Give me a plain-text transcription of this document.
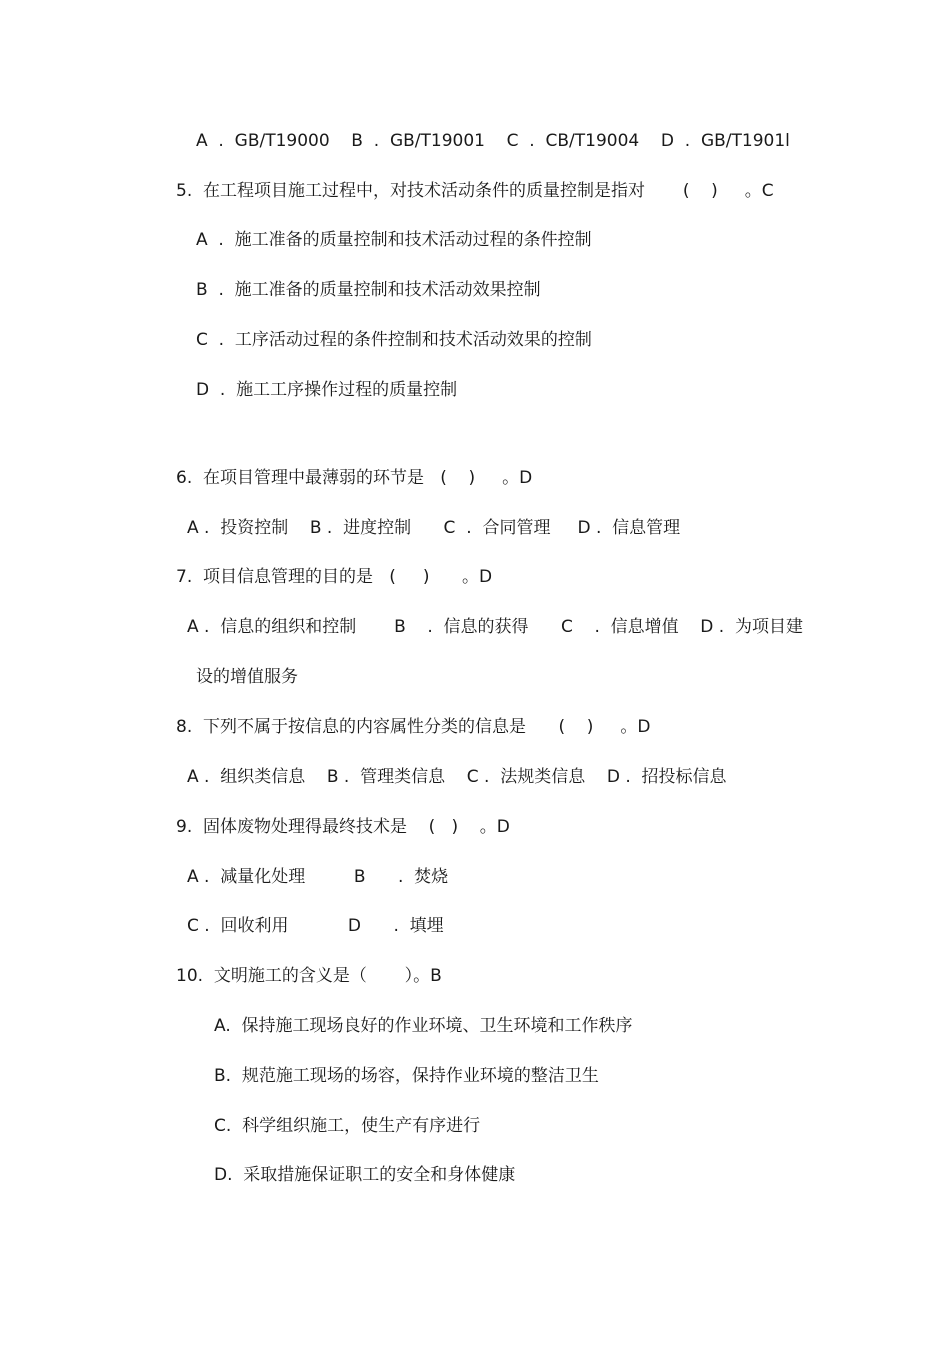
A  .  GB/T19000    B  .  GB/T19001    C  .  CB/T19004    D  .  GB/T1901l
5.  在工程项目施工过程中，对技术活动条件的质量控制是指对       (    )     。C
A  .  施工准备的质量控制和技术活动过程的条件控制
B  .  施工准备的质量控制和技术活动效果控制
C  .  工序活动过程的条件控制和技术活动效果的控制
D  .  施工工序操作过程的质量控制
6.  在项目管理中最薄弱的环节是   (    )     。D
A .  投资控制    B .  进度控制      C  .  合同管理     D .  信息管理
7.  项目信息管理的目的是   (     )      。D
A .  信息的组织和控制       B    .  信息的获得      C    .  信息增值    D .  为项目建
设的增值服务
8.  下列不属于按信息的内容属性分类的信息是      (    )     。D
A .  组织类信息    B .  管理类信息    C .  法规类信息    D .  招投标信息
9.  固体废物处理得最终技术是    (   )    。D
A .  减量化处理         B      .  焚烧
C .  回收利用           D      .  填埋
10.  文明施工的含义是（       ）。B
A.  保持施工现场良好的作业环境、卫生环境和工作秩序
B.  规范施工现场的场容，保持作业环境的整洁卫生
C.  科学组织施工，使生产有序进行
D.  采取措施保证职工的安全和身体健康
